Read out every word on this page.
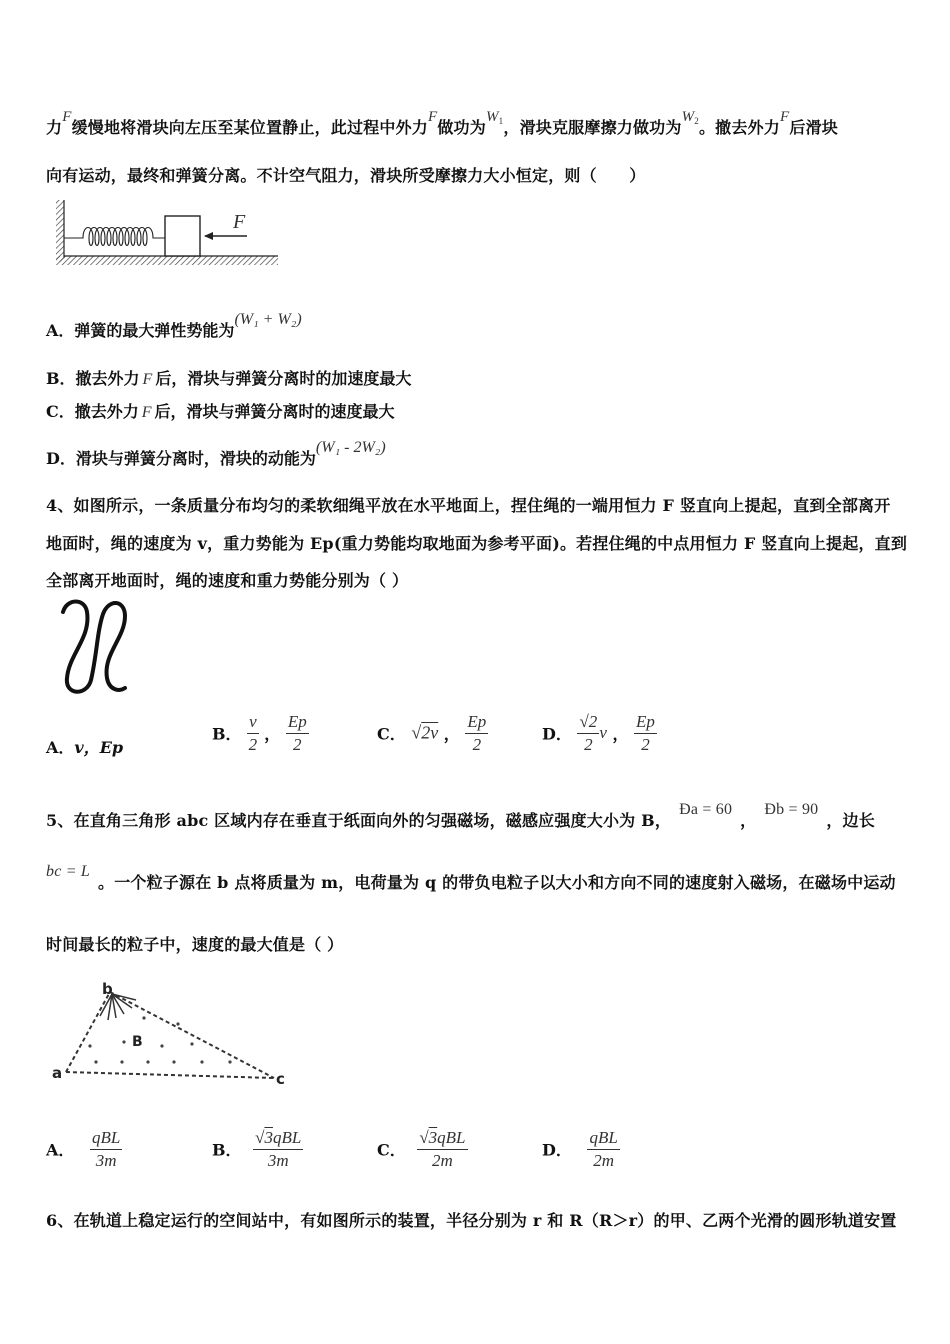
力F缓慢地将滑块向左压至某位置静止，此过程中外力F做功为$W_1$，滑块克服摩擦力做功为$W_2$。撤去外力F后滑块
向有运动，最终和弹簧分离。不计空气阻力，滑块所受摩擦力大小恒定，则（　　）
F
A．弹簧的最大弹性势能为(W₁ + W₂)
B．撤去外力 F 后，滑块与弹簧分离时的加速度最大
C．撤去外力 F 后，滑块与弹簧分离时的速度最大
D．滑块与弹簧分离时，滑块的动能为(W₁ - 2W₂)
4、如图所示，一条质量分布均匀的柔软细绳平放在水平地面上，捏住绳的一端用恒力 F 竖直向上提起，直到全部离开
地面时，绳的速度为 v，重力势能为 Ep(重力势能均取地面为参考平面)。若捏住绳的中点用恒力 F 竖直向上提起，直到
全部离开地面时，绳的速度和重力势能分别为（ ）
A．v，Ep
B． $\frac{v}{2}$ ， $\frac{Ep}{2}$	C． √2v ， $\frac{Ep}{2}$	D． $\frac{√2}{2}$ v ， $\frac{Ep}{2}$
5、在直角三角形 abc 区域内存在垂直于纸面向外的匀强磁场，磁感应强度大小为 B，Ða = 60，Ðb = 90，边长
bc = L。一个粒子源在 b 点将质量为 m，电荷量为 q 的带负电粒子以大小和方向不同的速度射入磁场，在磁场中运动
时间最长的粒子中，速度的最大值是（ ）
a
b
c
B
A． $\frac{\text{qBL}}{3m}$	B． $\frac{\text{√3qBL}}{3m}$	C． $\frac{\text{√3qBL}}{2m}$	D． $\frac{\text{qBL}}{2m}$
6、在轨道上稳定运行的空间站中，有如图所示的装置，半径分别为 r 和 R（R＞r）的甲、乙两个光滑的圆形轨道安置
